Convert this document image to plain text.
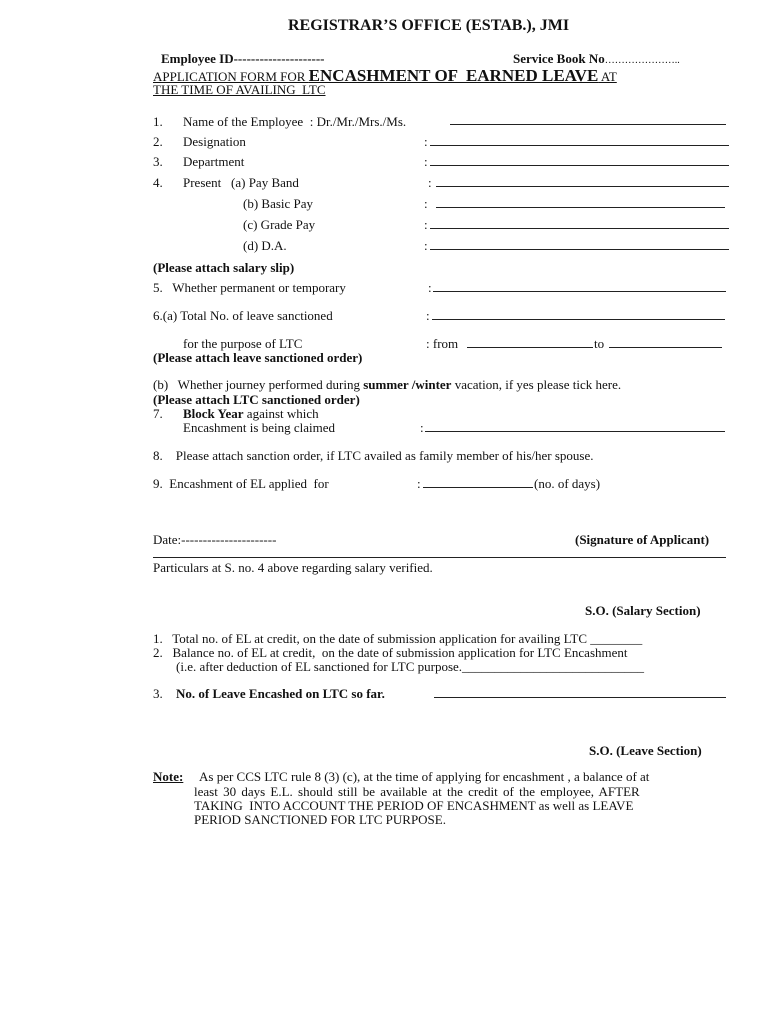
REGISTRAR’S OFFICE (ESTAB.), JMI
Employee ID---------------------	Service Book No…………………..
APPLICATION FORM FOR ENCASHMENT OF  EARNED LEAVE AT
THE TIME OF AVAILING  LTC
1. Name of the Employee  : Dr./Mr./Mrs./Ms.
2. Designation	:
3. Department	:
4. Present   (a) Pay Band	:
(b) Basic Pay	:
(c) Grade Pay	:
(d) D.A.	:
(Please attach salary slip)
5.   Whether permanent or temporary	:
6.(a) Total No. of leave sanctioned	:
for the purpose of LTC	: from	to
(Please attach leave sanctioned order)
(b)   Whether journey performed during summer /winter vacation, if yes please tick here.
(Please attach LTC sanctioned order)
7. Block Year against which
Encashment is being claimed	:
8.    Please attach sanction order, if LTC availed as family member of his/her spouse.
9.  Encashment of EL applied  for	:	(no. of days)
Date:----------------------	(Signature of Applicant)
Particulars at S. no. 4 above regarding salary verified.
S.O. (Salary Section)
1.   Total no. of EL at credit, on the date of submission application for availing LTC ________
2.   Balance no. of EL at credit,  on the date of submission application for LTC Encashment
(i.e. after deduction of EL sanctioned for LTC purpose.____________________________
3. No. of Leave Encashed on LTC so far.
S.O. (Leave Section)
Note: As per CCS LTC rule 8 (3) (c), at the time of applying for encashment , a balance of at
least 30 days E.L. should still be available at the credit of the employee, AFTER
TAKING  INTO ACCOUNT THE PERIOD OF ENCASHMENT as well as LEAVE
PERIOD SANCTIONED FOR LTC PURPOSE.
